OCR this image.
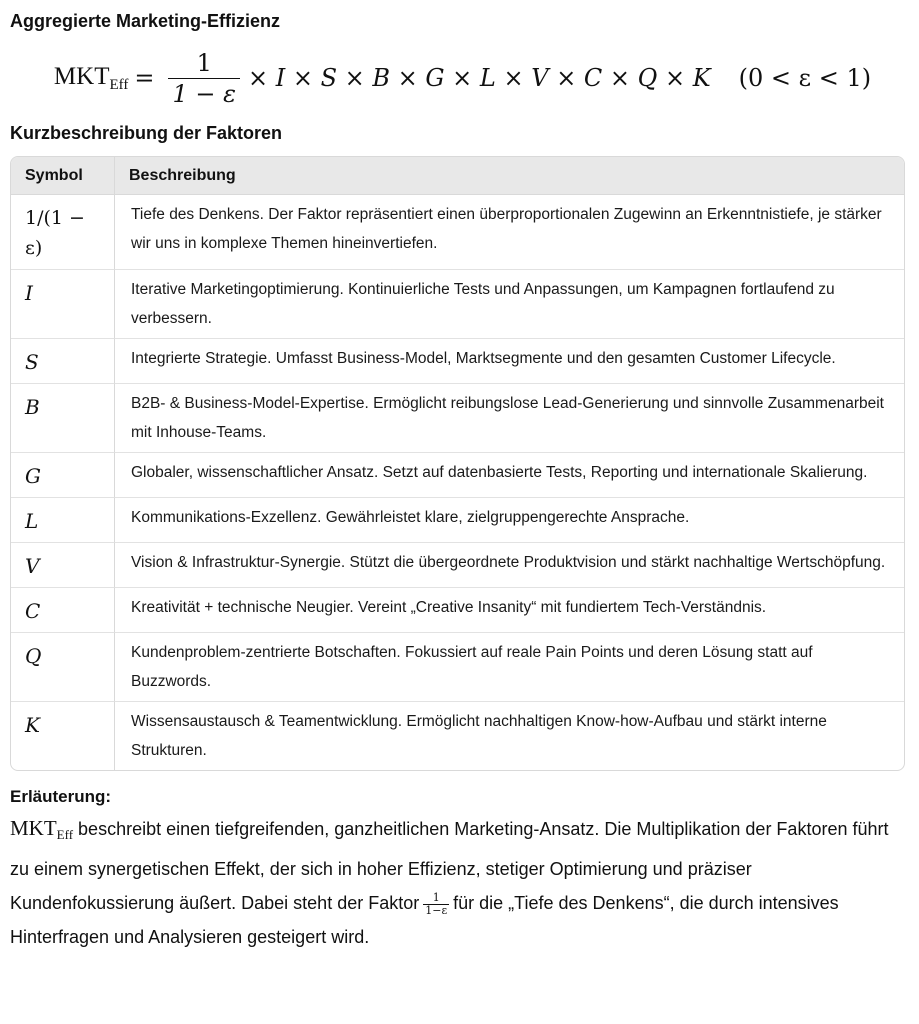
Aggregierte Marketing-Effizienz
$MKT_{Eff} = \frac{1}{1 - \varepsilon} \times I \times S \times B \times G \times L \times V \times C \times Q \times K$ (0 < ε < 1)
Kurzbeschreibung der Faktoren
Symbol	Beschreibung
1/(1 − ε)	Tiefe des Denkens. Der Faktor repräsentiert einen überproportionalen Zugewinn an Erkenntnistiefe, je stärker wir uns in komplexe Themen hineinvertiefen.
I	Iterative Marketingoptimierung. Kontinuierliche Tests und Anpassungen, um Kampagnen fortlaufend zu verbessern.
S	Integrierte Strategie. Umfasst Business-Model, Marktsegmente und den gesamten Customer Lifecycle.
B	B2B- & Business-Model-Expertise. Ermöglicht reibungslose Lead-Generierung und sinnvolle Zusammenarbeit mit Inhouse-Teams.
G	Globaler, wissenschaftlicher Ansatz. Setzt auf datenbasierte Tests, Reporting und internationale Skalierung.
L	Kommunikations-Exzellenz. Gewährleistet klare, zielgruppengerechte Ansprache.
V	Vision & Infrastruktur-Synergie. Stützt die übergeordnete Produktvision und stärkt nachhaltige Wertschöpfung.
C	Kreativität + technische Neugier. Vereint „Creative Insanity“ mit fundiertem Tech-Verständnis.
Q	Kundenproblem-zentrierte Botschaften. Fokussiert auf reale Pain Points und deren Lösung statt auf Buzzwords.
K	Wissensaustausch & Teamentwicklung. Ermöglicht nachhaltigen Know-how-Aufbau und stärkt interne Strukturen.
Erläuterung:

$MKT_{Eff}$ beschreibt einen tiefgreifenden, ganzheitlichen Marketing-Ansatz. Die Multiplikation der Faktoren führt zu einem synergetischen Effekt, der sich in hoher Effizienz, stetiger Optimierung und präziser Kundenfokussierung äußert. Dabei steht der Faktor $\frac{1}{1-\varepsilon}$ für die „Tiefe des Denkens“, die durch intensives Hinterfragen und Analysieren gesteigert wird.
